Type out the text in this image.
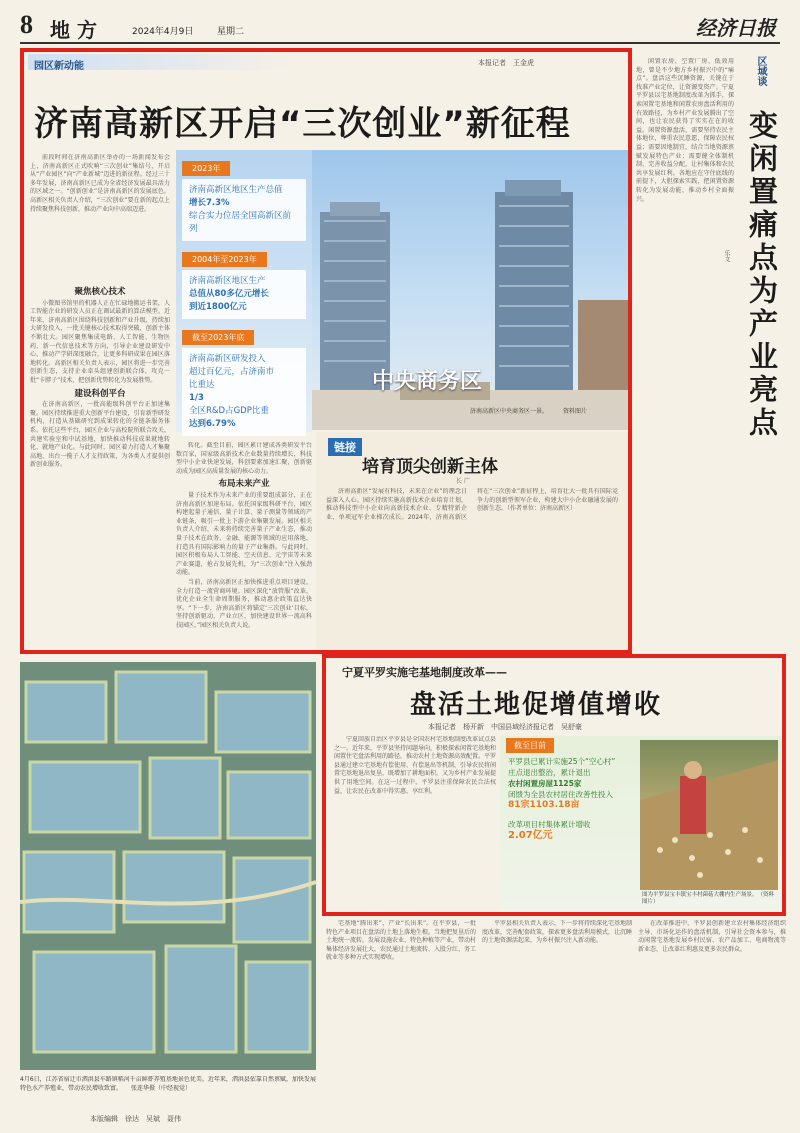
8 地 方	2024年4月9日	星期二	经济日报
园区新动能	本报记者　王金虎
济南高新区开启“三次创业”新征程
中央商务区
济南高新区中央商务区一景。　　　资料图片
2023年
济南高新区地区生产总值
增长7.3%
综合实力位居全国高新区前列
2004年至2023年
济南高新区地区生产
总值从80多亿元增长
到近1800亿元
截至2023年底
济南高新区研发投入
超过百亿元，占济南市
比重达
1/3
全区R&D占GDP比重
达到6.79%

前段时间在济南高新区举办的一场新闻发布会上，济南高新区正式吹响“三次创业”集结号，开启从“产业园区”向“产业新城”迈进的新征程。经过三十多年发展，济南高新区已成为全省经济发展最具活力的区域之一。“创新创业”是济南高新区的发展底色。高新区相关负责人介绍，“三次创业”要在新的起点上持续聚焦科技创新，推动产业向中高端迈进。

聚焦核心技术

小微图书馆里的机器人正在忙碌地搬运书架，人工智能企业的研发人员正在调试最新的算法模型。近年来，济南高新区围绕科技创新和产业升级，持续加大研发投入，一批关键核心技术取得突破，创新主体不断壮大。园区聚焦集成电路、人工智能、生物医药、新一代信息技术等方向，引导企业建设研发中心，推动产学研深度融合，让更多科研成果在园区落地转化。高新区相关负责人表示，园区将进一步完善创新生态，支持企业牵头组建创新联合体，攻克一批“卡脖子”技术，把创新优势转化为发展胜势。

建设科创平台

在济南高新区，一批高能级科创平台正加速集聚。园区持续推进重大创新平台建设，引育新型研发机构，打造从基础研究到成果转化的全链条服务体系。依托这些平台，园区企业与高校院所联合攻关，共建实验室和中试基地，加快推动科技成果就地转化、就地产业化。与此同时，园区着力打造人才集聚高地，出台一揽子人才支持政策，为各类人才提供创新创业服务。

转化。截至目前，园区累计建成各类研发平台数百家，国家级高新技术企业数量持续增长，科技型中小企业快速发展，科创要素加速汇聚，创新驱动成为园区高质量发展的核心动力。

布局未来产业

量子技术作为未来产业的重要组成部分，正在济南高新区加速布局。依托国家级科研平台，园区构建起量子通信、量子计算、量子测量等领域的产业链条，吸引一批上下游企业集聚发展。园区相关负责人介绍，未来将持续完善量子产业生态，推动量子技术在政务、金融、能源等领域的应用落地，打造具有国际影响力的量子产业集群。与此同时，园区积极布局人工智能、空天信息、元宇宙等未来产业赛道，抢占发展先机，为“三次创业”注入强劲动能。

当前，济南高新区正加快推进重点项目建设，全力打造一流营商环境。园区深化“放管服”改革，优化企业全生命周期服务，推动惠企政策直达快享。“下一步，济南高新区将锚定‘三次创业’目标，坚持创新驱动、产业立区，加快建设世界一流高科技园区。”园区相关负责人说。

链接
培育顶尖创新主体
长 广

济南高新区“发展有科技，未来在企业”的理念日益深入人心。园区持续实施高新技术企业培育计划，推动科技型中小企业向高新技术企业、专精特新企业、单项冠军企业梯次成长。2024年，济南高新区将在“三次创业”新征程上，培育壮大一批具有国际竞争力的创新型领军企业，构建大中小企业融通发展的创新生态。（作者单位：济南高新区）

闲置农房、空置厂房、低效用地，曾是不少地方乡村振兴中的“痛点”。盘活这些沉睡资源，关键在于找准产业定位，让资源变资产。宁夏平罗县以宅基地制度改革为抓手，探索闲置宅基地和闲置农房盘活利用的有效路径，为乡村产业发展腾出了空间，也让农民获得了实实在在的收益。闲置资源盘活，需要坚持农民主体地位，尊重农民意愿，保障农民权益；需要因地制宜，结合当地资源禀赋发展特色产业；需要健全体制机制，完善收益分配，让村集体和农民共享发展红利。各地应在守住底线的前提下，大胆探索实践，把闲置资源转化为发展动能，推动乡村全面振兴。

区域谈
变闲置痛点为产业亮点
乐文
宁夏平罗实施宅基地制度改革——
盘活土地促增值增收
本报记者　杨开新　中国县域经济报记者　吴舒豪

宁夏回族自治区平罗县是全国农村宅基地制度改革试点县之一。近年来，平罗县坚持问题导向，积极探索闲置宅基地和闲置住宅盘活利用的路径，推动农村土地资源高效配置。平罗县通过建立宅基地有偿使用、有偿退出等机制，引导农民将闲置宅基地退出复垦，既增加了耕地面积，又为乡村产业发展提供了用地空间。在这一过程中，平罗县注重保障农民合法权益，让农民在改革中得实惠、享红利。

截至目前
平罗县已累计实施25个“空心村”
庄点退出整治，累计退出
农村闲置房屋1125家
闭馈为全县农村居住改善性投入
81宗1103.18亩
改革项目村集体累计增收
2.07亿元
图为平罗县宝丰镇宝丰村菌菇大棚内生产场景。　（资料图片）

宅基地“腾出来”，产业“长出来”。在平罗县，一批特色产业项目在盘活的土地上落地生根。当地把复垦后的土地统一流转，发展设施农业、特色种植等产业，带动村集体经济发展壮大，农民通过土地流转、入股分红、务工就业等多种方式实现增收。

平罗县相关负责人表示，下一步将持续深化宅基地制度改革，完善配套政策，探索更多盘活利用模式，让沉睡的土地资源活起来，为乡村振兴注入新动能。

在改革推进中，平罗县创新建立农村集体经济组织主导、市场化运作的盘活机制，引导社会资本参与，推动闲置宅基地发展乡村民宿、农产品加工、电商物流等新业态，让改革红利惠及更多农民群众。

4月6日，江苏省宿迁市泗洪县车路镇稻河千亩鲜虾养殖基地景色优美。近年来，泗洪县依靠自然禀赋，加快发展特色水产养殖业，带动农民增收致富。　　张连华摄（中经视觉）
本版编辑　徐达　吴斌　聂伟
